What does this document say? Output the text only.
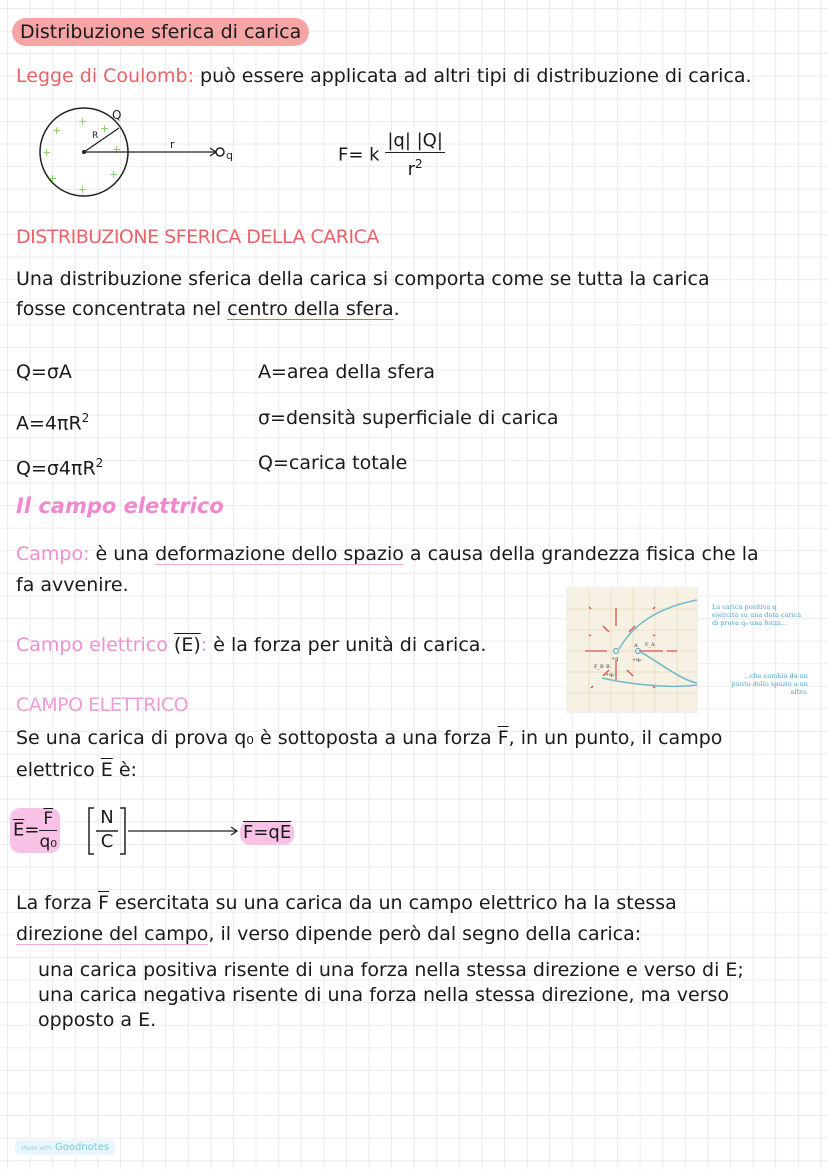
Distribuzione sferica di carica
Legge di Coulomb: può essere applicata ad altri tipi di distribuzione di carica.
+
+	+
+	+
+	+
+
R
Q
r
q	F= k $\frac{|q| |Q|}{r^2}$
DISTRIBUZIONE SFERICA DELLA CARICA
Una distribuzione sferica della carica si comporta come se tutta la carica
fosse concentrata nel centro della sfera.
Q=σA	A=area della sfera
$A=4\pi R^2$	σ=densità superficiale di carica
$Q=\sigma 4\pi R^2$	Q=carica totale
Il campo elettrico
Campo: è una deformazione dello spazio a causa della grandezza fisica che la
fa avvenire.
Campo elettrico (E): è la forza per unità di carica.
CAMPO ELETTRICO
Se una carica di prova q₀ è sottoposta a una forza $\overline{F}$, in un punto, il campo
elettrico $\overline{E}$ è:
$\overline{E}= \frac{\overline{F}}{\text{q₀}}$	N
C	F=qE
La forza $\overline{F}$ esercitata su una carica da un campo elettrico ha la stessa
direzione del campo, il verso dipende però dal segno della carica:
una carica positiva risente di una forza nella stessa direzione e verso di E;
una carica negativa risente di una forza nella stessa direzione, ma verso
opposto a E.
+q	+q₀
A F_A
F_B B
+q₀
La carica positiva q esercita su una data carica di prova q₀ una forza...
...che cambia da un punto dello spazio a un altro.
Made with Goodnotes
